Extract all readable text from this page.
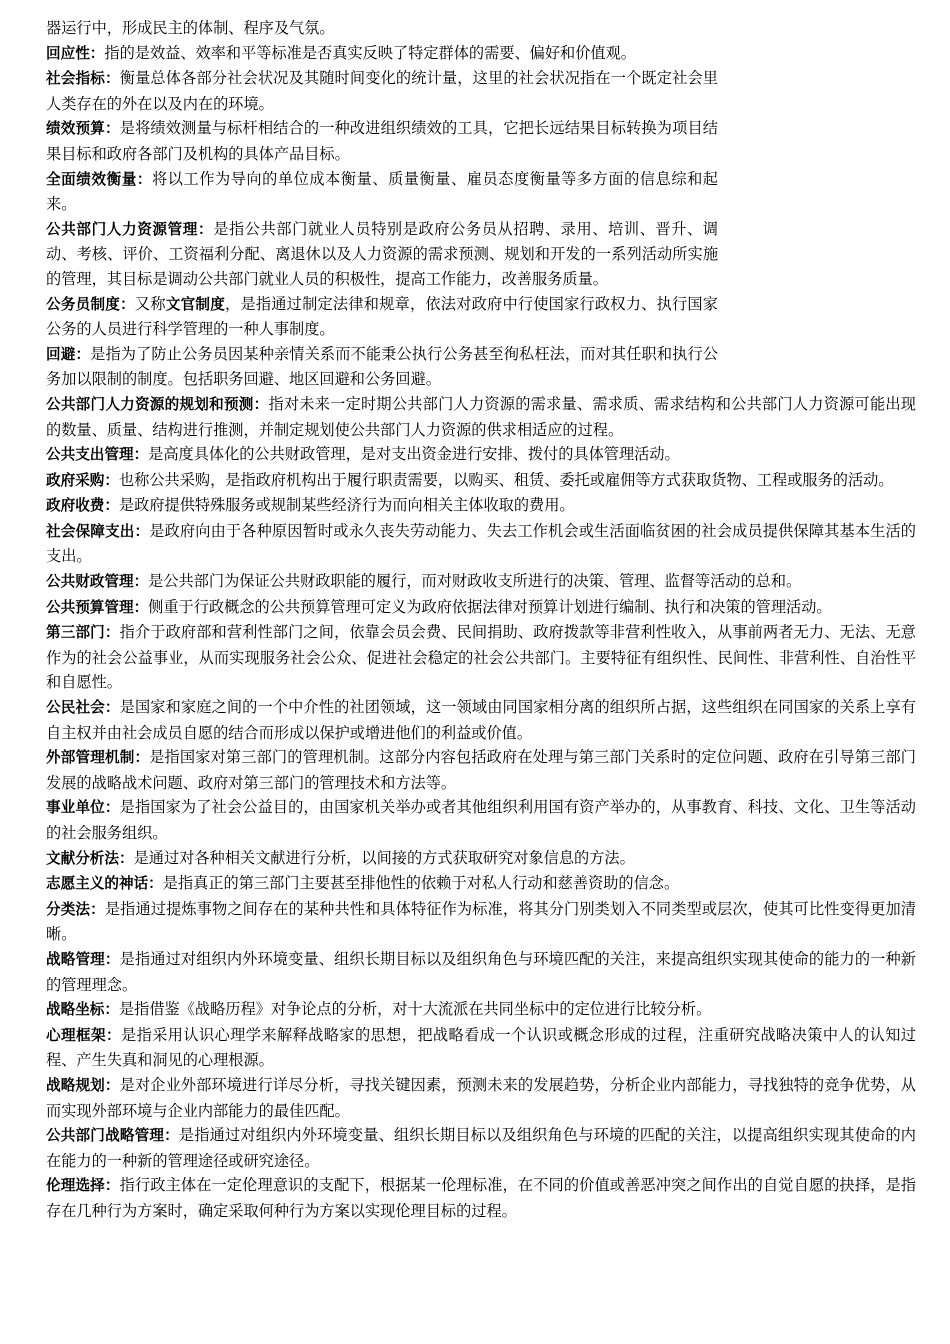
器运行中，形成民主的体制、程序及气氛。

回应性：指的是效益、效率和平等标准是否真实反映了特定群体的需要、偏好和价值观。

社会指标：衡量总体各部分社会状况及其随时间变化的统计量，这里的社会状况指在一个既定社会里人类存在的外在以及内在的环境。

绩效预算：是将绩效测量与标杆相结合的一种改进组织绩效的工具，它把长远结果目标转换为项目结果目标和政府各部门及机构的具体产品目标。

全面绩效衡量：将以工作为导向的单位成本衡量、质量衡量、雇员态度衡量等多方面的信息综和起来。

公共部门人力资源管理：是指公共部门就业人员特别是政府公务员从招聘、录用、培训、晋升、调动、考核、评价、工资福利分配、离退休以及人力资源的需求预测、规划和开发的一系列活动所实施的管理，其目标是调动公共部门就业人员的积极性，提高工作能力，改善服务质量。

公务员制度：又称文官制度，是指通过制定法律和规章，依法对政府中行使国家行政权力、执行国家公务的人员进行科学管理的一种人事制度。

回避：是指为了防止公务员因某种亲情关系而不能秉公执行公务甚至徇私枉法，而对其任职和执行公务加以限制的制度。包括职务回避、地区回避和公务回避。

公共部门人力资源的规划和预测：指对未来一定时期公共部门人力资源的需求量、需求质、需求结构和公共部门人力资源可能出现的数量、质量、结构进行推测，并制定规划使公共部门人力资源的供求相适应的过程。

公共支出管理：是高度具体化的公共财政管理，是对支出资金进行安排、拨付的具体管理活动。

政府采购：也称公共采购，是指政府机构出于履行职责需要，以购买、租赁、委托或雇佣等方式获取货物、工程或服务的活动。

政府收费：是政府提供特殊服务或规制某些经济行为而向相关主体收取的费用。

社会保障支出：是政府向由于各种原因暂时或永久丧失劳动能力、失去工作机会或生活面临贫困的社会成员提供保障其基本生活的支出。

公共财政管理：是公共部门为保证公共财政职能的履行，而对财政收支所进行的决策、管理、监督等活动的总和。

公共预算管理：侧重于行政概念的公共预算管理可定义为政府依据法律对预算计划进行编制、执行和决策的管理活动。

第三部门：指介于政府部和营利性部门之间，依靠会员会费、民间捐助、政府拨款等非营利性收入，从事前两者无力、无法、无意作为的社会公益事业，从而实现服务社会公众、促进社会稳定的社会公共部门。主要特征有组织性、民间性、非营利性、自治性平和自愿性。

公民社会：是国家和家庭之间的一个中介性的社团领域，这一领域由同国家相分离的组织所占据，这些组织在同国家的关系上享有自主权并由社会成员自愿的结合而形成以保护或增进他们的利益或价值。

外部管理机制：是指国家对第三部门的管理机制。这部分内容包括政府在处理与第三部门关系时的定位问题、政府在引导第三部门发展的战略战术问题、政府对第三部门的管理技术和方法等。

事业单位：是指国家为了社会公益目的，由国家机关举办或者其他组织利用国有资产举办的，从事教育、科技、文化、卫生等活动的社会服务组织。

文献分析法：是通过对各种相关文献进行分析，以间接的方式获取研究对象信息的方法。

志愿主义的神话：是指真正的第三部门主要甚至排他性的依赖于对私人行动和慈善资助的信念。

分类法：是指通过提炼事物之间存在的某种共性和具体特征作为标准，将其分门别类划入不同类型或层次，使其可比性变得更加清晰。

战略管理：是指通过对组织内外环境变量、组织长期目标以及组织角色与环境匹配的关注，来提高组织实现其使命的能力的一种新的管理理念。

战略坐标：是指借鉴《战略历程》对争论点的分析，对十大流派在共同坐标中的定位进行比较分析。

心理框架：是指采用认识心理学来解释战略家的思想，把战略看成一个认识或概念形成的过程，注重研究战略决策中人的认知过程、产生失真和洞见的心理根源。

战略规划：是对企业外部环境进行详尽分析，寻找关键因素，预测未来的发展趋势，分析企业内部能力，寻找独特的竞争优势，从而实现外部环境与企业内部能力的最佳匹配。

公共部门战略管理：是指通过对组织内外环境变量、组织长期目标以及组织角色与环境的匹配的关注，以提高组织实现其使命的内在能力的一种新的管理途径或研究途径。

伦理选择：指行政主体在一定伦理意识的支配下，根据某一伦理标准，在不同的价值或善恶冲突之间作出的自觉自愿的抉择，是指存在几种行为方案时，确定采取何种行为方案以实现伦理目标的过程。
